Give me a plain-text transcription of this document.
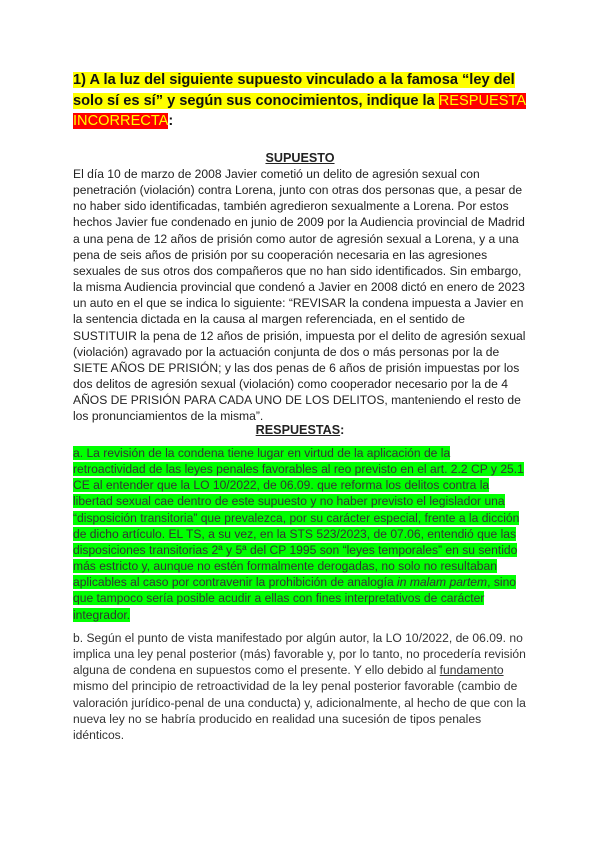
1) A la luz del siguiente supuesto vinculado a la famosa “ley del solo sí es sí” y según sus conocimientos, indique la RESPUESTA INCORRECTA:
SUPUESTO
El día 10 de marzo de 2008 Javier cometió un delito de agresión sexual con penetración (violación) contra Lorena, junto con otras dos personas que, a pesar de no haber sido identificadas, también agredieron sexualmente a Lorena. Por estos hechos Javier fue condenado en junio de 2009 por la Audiencia provincial de Madrid a una pena de 12 años de prisión como autor de agresión sexual a Lorena, y a una pena de seis años de prisión por su cooperación necesaria en las agresiones sexuales de sus otros dos compañeros que no han sido identificados. Sin embargo, la misma Audiencia provincial que condenó a Javier en 2008 dictó en enero de 2023 un auto en el que se indica lo siguiente: “REVISAR la condena impuesta a Javier en la sentencia dictada en la causa al margen referenciada, en el sentido de SUSTITUIR la pena de 12 años de prisión, impuesta por el delito de agresión sexual (violación) agravado por la actuación conjunta de dos o más personas por la de SIETE AÑOS DE PRISIÓN; y las dos penas de 6 años de prisión impuestas por los dos delitos de agresión sexual (violación) como cooperador necesario por la de 4 AÑOS DE PRISIÓN PARA CADA UNO DE LOS DELITOS, manteniendo el resto de los pronunciamientos de la misma”.
RESPUESTAS:
a. La revisión de la condena tiene lugar en virtud de la aplicación de la retroactividad de las leyes penales favorables al reo previsto en el art. 2.2 CP y 25.1 CE al entender que la LO 10/2022, de 06.09. que reforma los delitos contra la libertad sexual cae dentro de este supuesto y no haber previsto el legislador una “disposición transitoria” que prevalezca, por su carácter especial, frente a la dicción de dicho artículo. EL TS, a su vez, en la STS 523/2023, de 07.06, entendió que las disposiciones transitorias 2ª y 5ª del CP 1995 son “leyes temporales” en su sentido más estricto y, aunque no estén formalmente derogadas, no solo no resultaban aplicables al caso por contravenir la prohibición de analogía in malam partem, sino que tampoco sería posible acudir a ellas con fines interpretativos de carácter integrador.
b. Según el punto de vista manifestado por algún autor, la LO 10/2022, de 06.09. no implica una ley penal posterior (más) favorable y, por lo tanto, no procedería revisión alguna de condena en supuestos como el presente. Y ello debido al fundamento mismo del principio de retroactividad de la ley penal posterior favorable (cambio de valoración jurídico-penal de una conducta) y, adicionalmente, al hecho de que con la nueva ley no se habría producido en realidad una sucesión de tipos penales idénticos.
